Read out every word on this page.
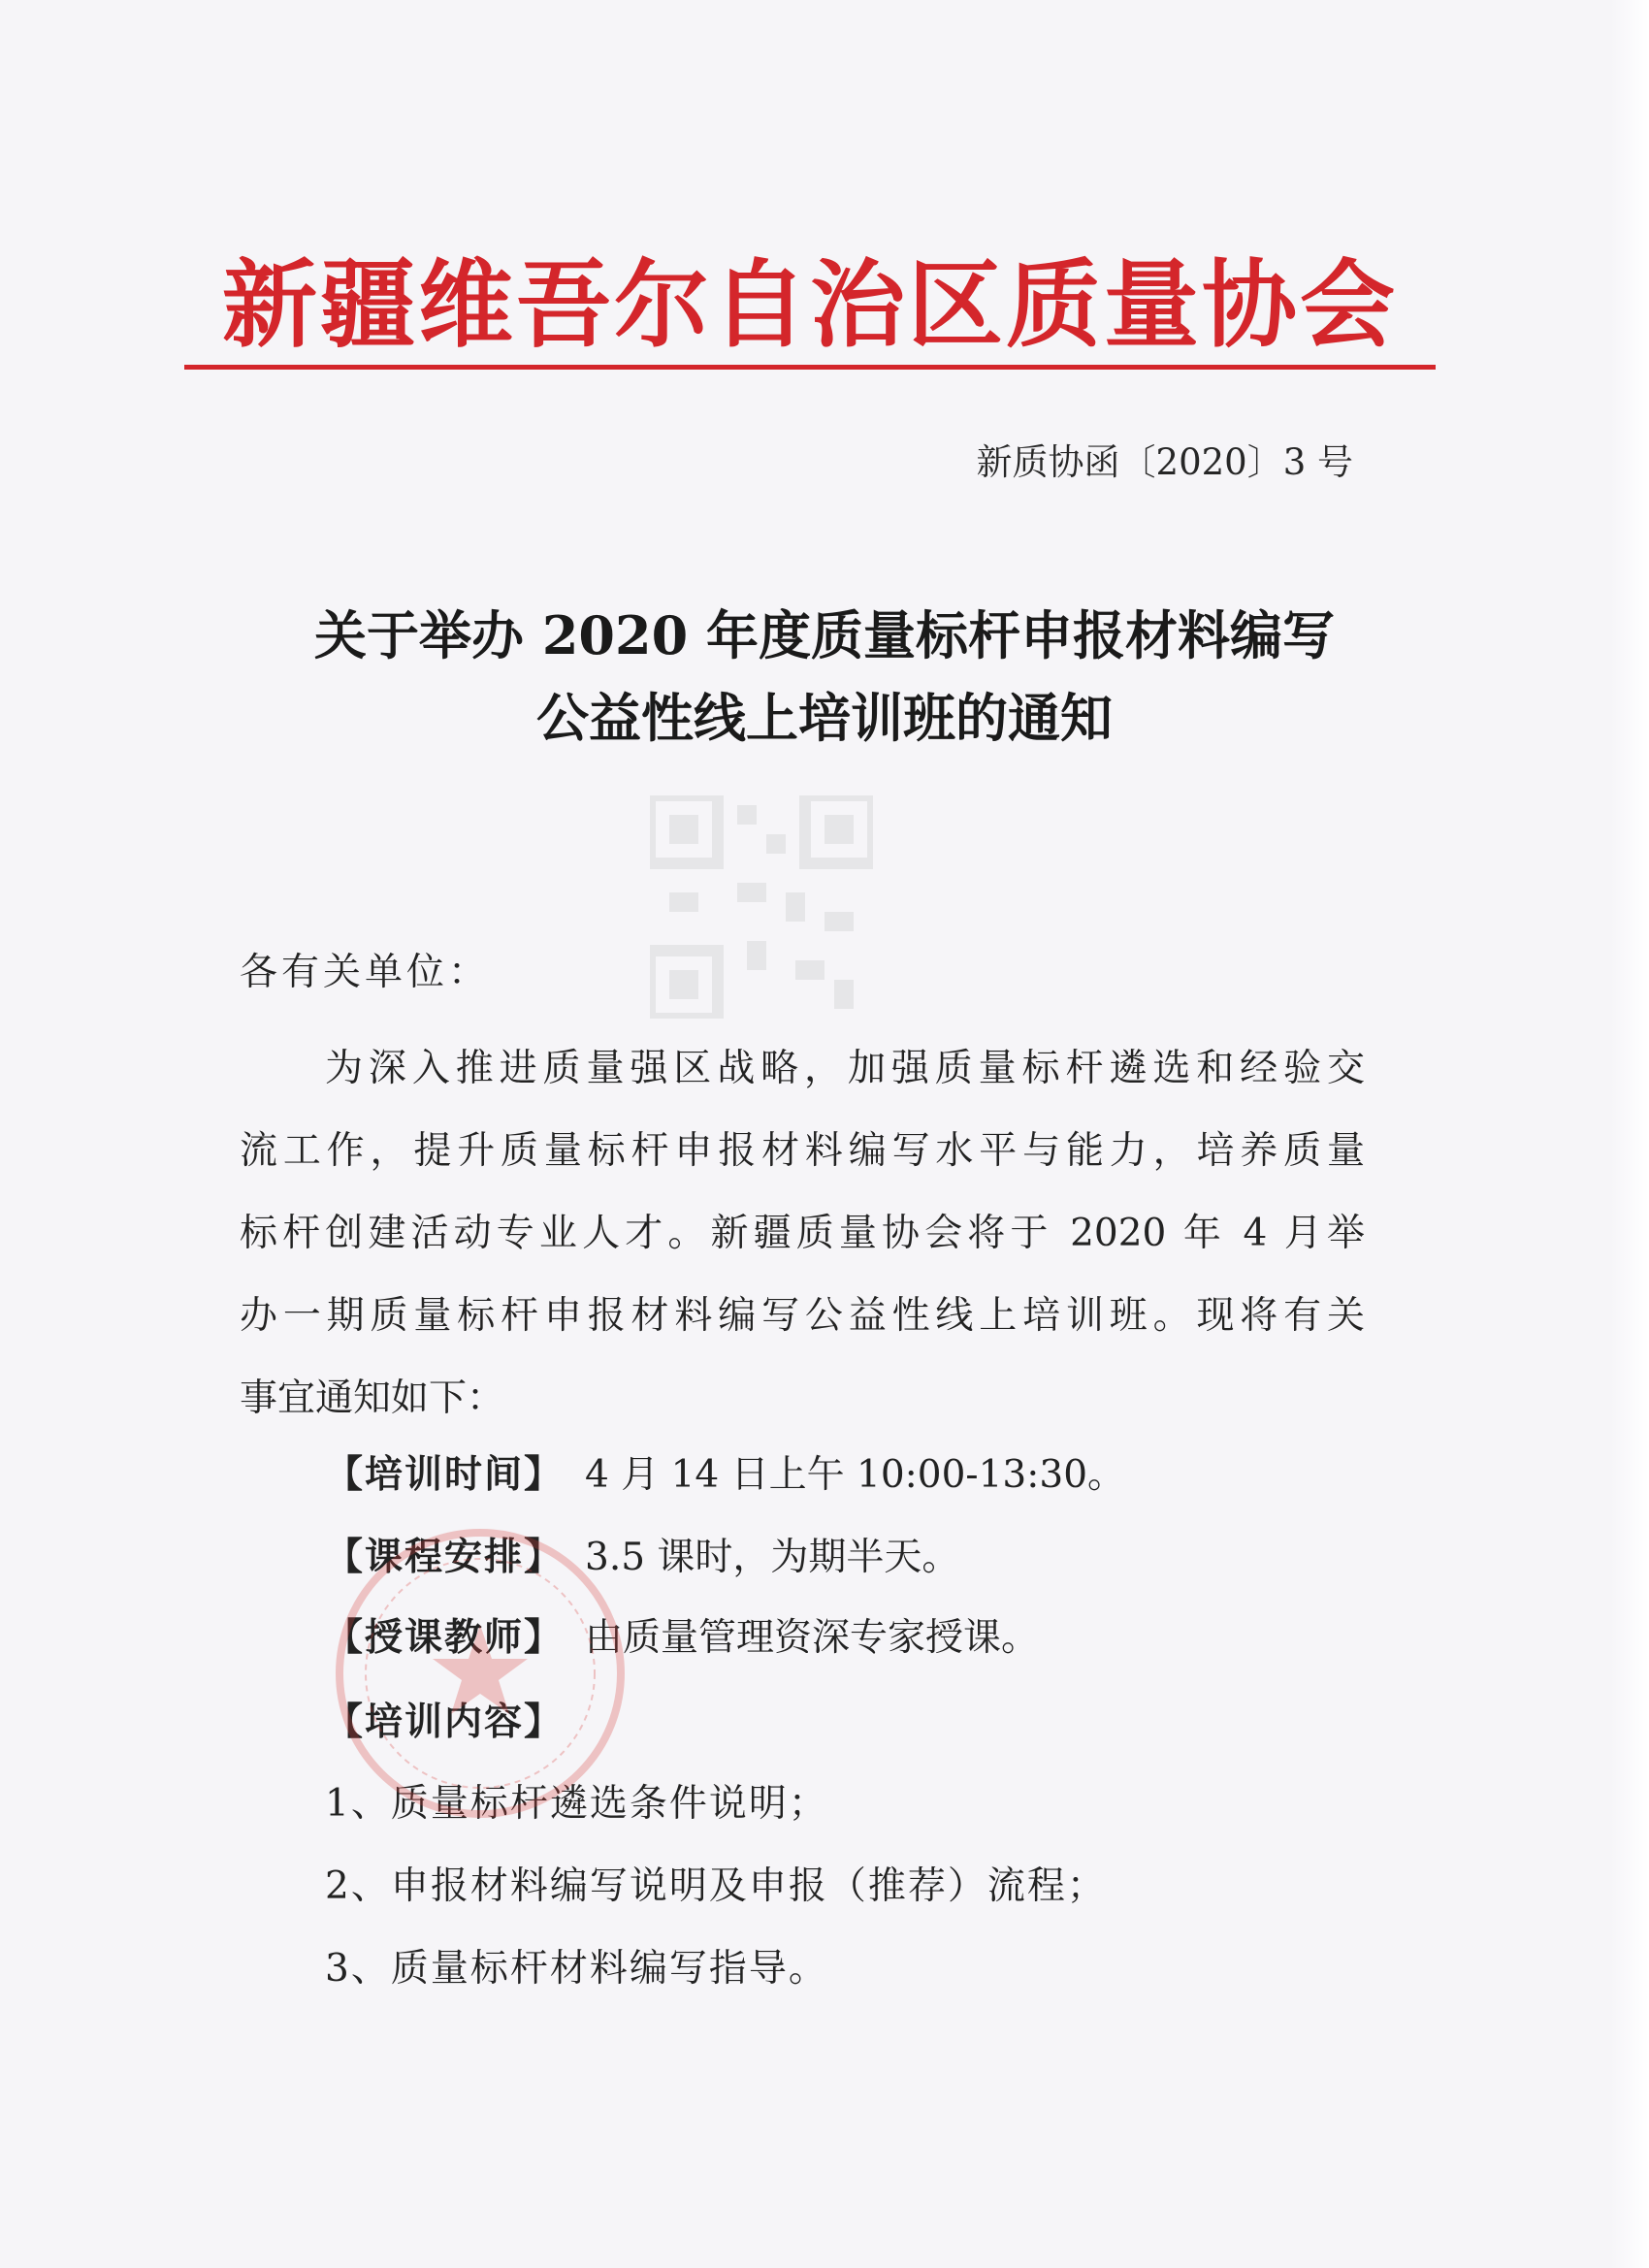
新疆维吾尔自治区质量协会
新质协函〔2020〕3 号
关于举办 2020 年度质量标杆申报材料编写
公益性线上培训班的通知
各有关单位：
为深入推进质量强区战略，加强质量标杆遴选和经验交
流工作，提升质量标杆申报材料编写水平与能力，培养质量
标杆创建活动专业人才。新疆质量协会将于 2020 年 4 月举
办一期质量标杆申报材料编写公益性线上培训班。现将有关
事宜通知如下：
【培训时间】 4 月 14 日上午 10:00-13:30。
【课程安排】 3.5 课时，为期半天。
【授课教师】 由质量管理资深专家授课。
【培训内容】
1、质量标杆遴选条件说明；
2、申报材料编写说明及申报（推荐）流程；
3、质量标杆材料编写指导。
